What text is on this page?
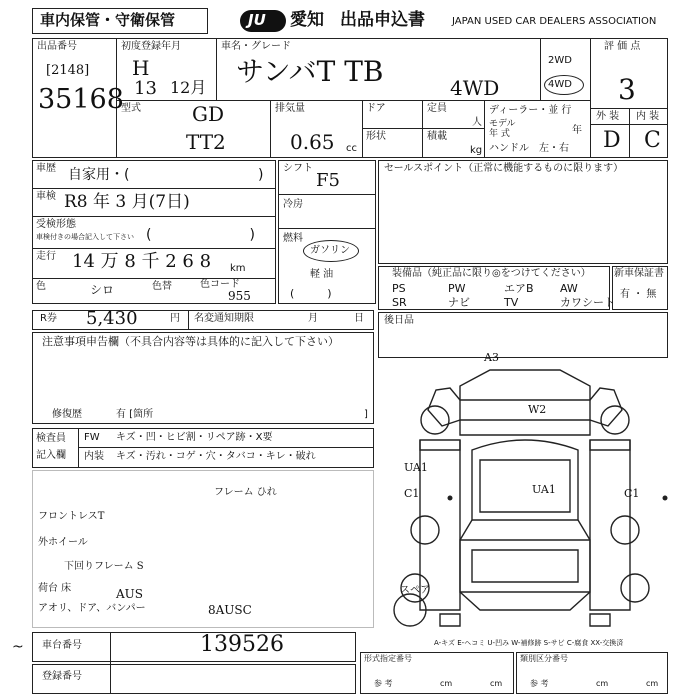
車内保管・守衛保管	JU 愛知 出品申込書	JAPAN USED CAR DEALERS ASSOCIATION
出品番号
[2148]
35168
初度登録年月
H
13 12月
車名・グレード
サンバT TB	4WD
2WD
4WD
評 価 点
3
外 装 内 装
D C
型式	GD
TT2
排気量
0.65 cc
ドア
形状
定員
人
積載
kg
ディーラー・並 行
モデル
年 式	年
ハンドル　左・右
車歴 自家用・(	)
車検 R8 年 3 月(7日)
受検形態
車検付きの場合記入して下さい (　　　　　　　)
走行 14 万 8 千 2 6 8 km
色	シロ	色替	色コード
955
シフト
F5
冷房
燃料
ガソリン
軽 油
(　　　)
セールスポイント（正常に機能するものに限ります）
装備品（純正品に限り◎をつけてください）
PS	PW	エアB AW
SR	ナビ	TV	カワシート
新車保証書
有 ・ 無
R券 5,430	円 名変通知期限	月	日 後日品
注意事項申告欄（不具合内容等は具体的に記入して下さい）
修復歴	有 [箇所	]
検査員
記入欄
FW キズ・凹・ヒビ割・リペア跡・X要
内装 キズ・汚れ・コゲ・穴・タバコ・キレ・破れ
フレーム ひれ
フロントレスT
外ホイール
下回りフレーム S
荷台 床
アオリ、ドア、バンパー
AUS
8AUSC
A3
W2
UA1
C1	UA1	C1
スペア
A-キズ E-ヘコミ U-凹み W-補修跡 S-サビ C-腐食 XX-交換済
~ 車台番号	139526
登録番号
形式指定番号
参 考	cm	cm
類別区分番号
参 考	cm	cm
